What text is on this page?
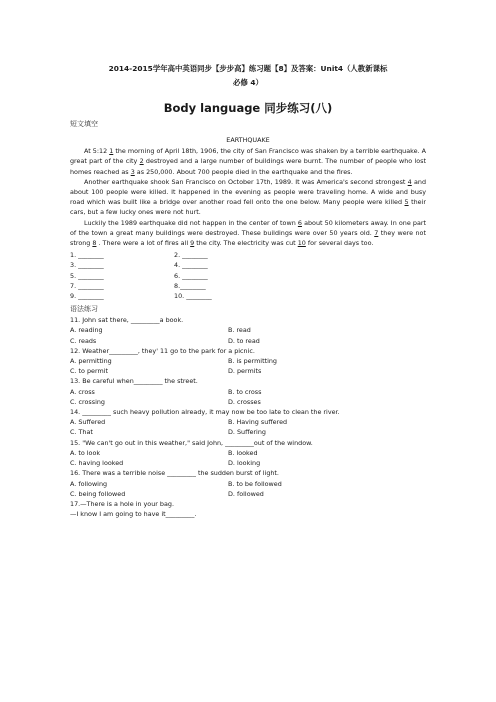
2014-2015学年高中英语同步【步步高】练习题【8】及答案：Unit4（人教新课标
必修 4）
Body language 同步练习(八)
短文填空
EARTHQUAKE
At 5:12 1 the morning of April 18th, 1906, the city of San Francisco was shaken by a terrible earthquake. A great part of the city 2 destroyed and a large number of buildings were burnt. The number of people who lost homes reached as 3 as 250,000. About 700 people died in the earthquake and the fires.
Another earthquake shook San Francisco on October 17th, 1989. It was America's second strongest 4 and about 100 people were killed. It happened in the evening as people were traveling home. A wide and busy road which was built like a bridge over another road fell onto the one below. Many people were killed 5 their cars, but a few lucky ones were not hurt.
Luckily the 1989 earthquake did not happen in the center of town 6 about 50 kilometers away. In one part of the town a great many buildings were destroyed. These buildings were over 50 years old. 7 they were not strong 8 . There were a lot of fires all 9 the city. The electricity was cut 10 for several days too.
1. ________	2. ________
3. ________	4. ________
5. ________	6. ________
7. ________	8.________
9. ________	10. ________
语法练习
11. John sat there, _________a book.
A. reading	B. read
C. reads	D. to read
12. Weather_________, they' 11 go to the park for a picnic.
A. permitting	B. is permitting
C. to permit	D. permits
13. Be careful when_________ the street.
A. cross	B. to cross
C. crossing	D. crosses
14. _________ such heavy pollution already, it may now be too late to clean the river.
A. Suffered	B. Having suffered
C. That	D. Suffering
15. "We can't go out in this weather," said John, _________out of the window.
A. to look	B. looked
C. having looked	D. looking
16. There was a terrible noise _________ the sudden burst of light.
A. following	B. to be followed
C. being followed	D. followed
17.—There is a hole in your bag.
—I know I am going to have it_________.
